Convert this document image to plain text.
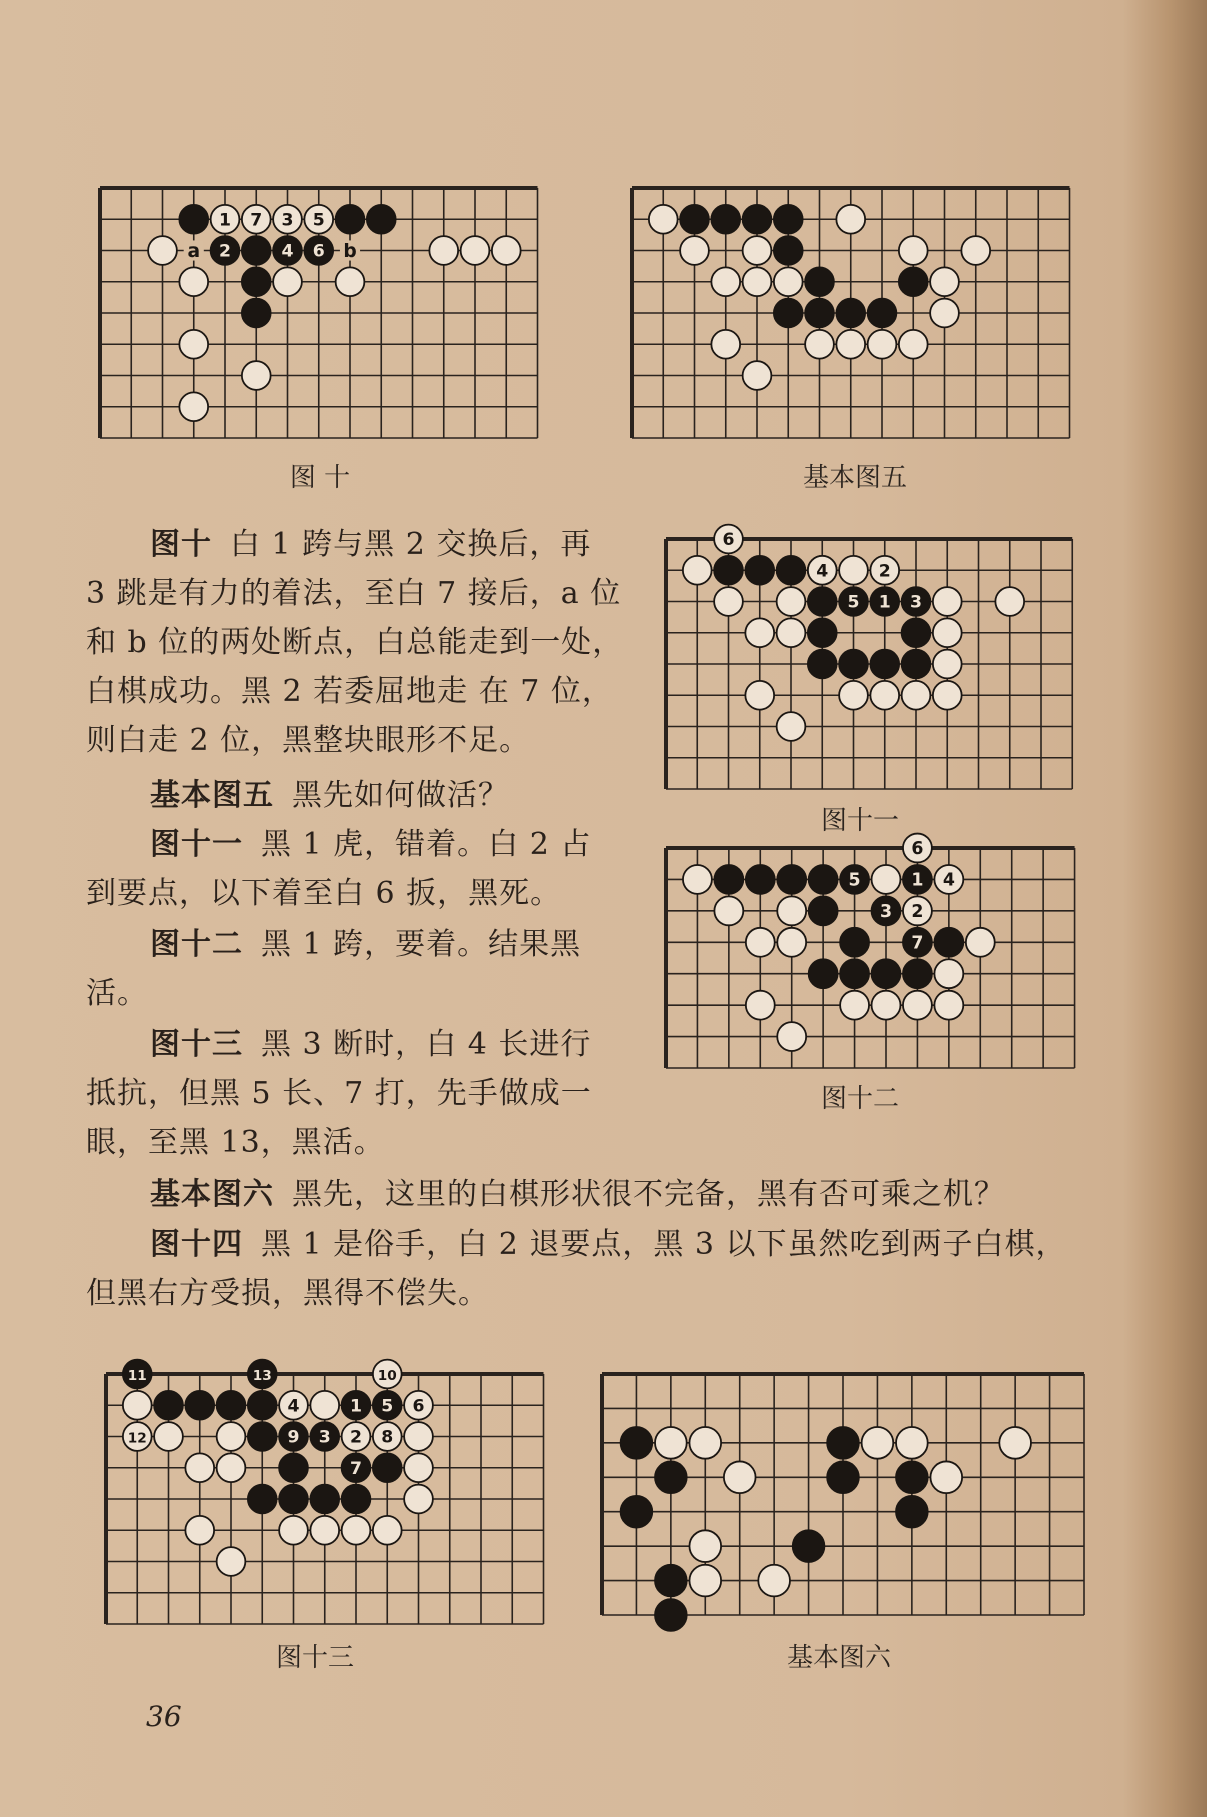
1 7 3 5
2	4 6
a	b
图 十	基本图五
6
4	2
5 1 3
图十一
6
5	1 4
3 2
7
图十二
11	13	10
4	1 5 6
12	9 3 2 8
7
图十三	基本图六

图十 白 1 跨与黑 2 交换后，再
3 跳是有力的着法，至白 7 接后，a 位
和 b 位的两处断点，白总能走到一处，
白棋成功。黑 2 若委屈地走 在 7 位，
则白走 2 位，黑整块眼形不足。

基本图五 黑先如何做活？

图十一 黑 1 虎，错着。白 2 占
到要点，以下着至白 6 扳，黑死。

图十二 黑 1 跨，要着。结果黑
活。

图十三 黑 3 断时，白 4 长进行
抵抗，但黑 5 长、7 打，先手做成一
眼，至黑 13，黑活。

基本图六 黑先，这里的白棋形状很不完备，黑有否可乘之机？

图十四 黑 1 是俗手，白 2 退要点，黑 3 以下虽然吃到两子白棋，
但黑右方受损，黑得不偿失。

36
